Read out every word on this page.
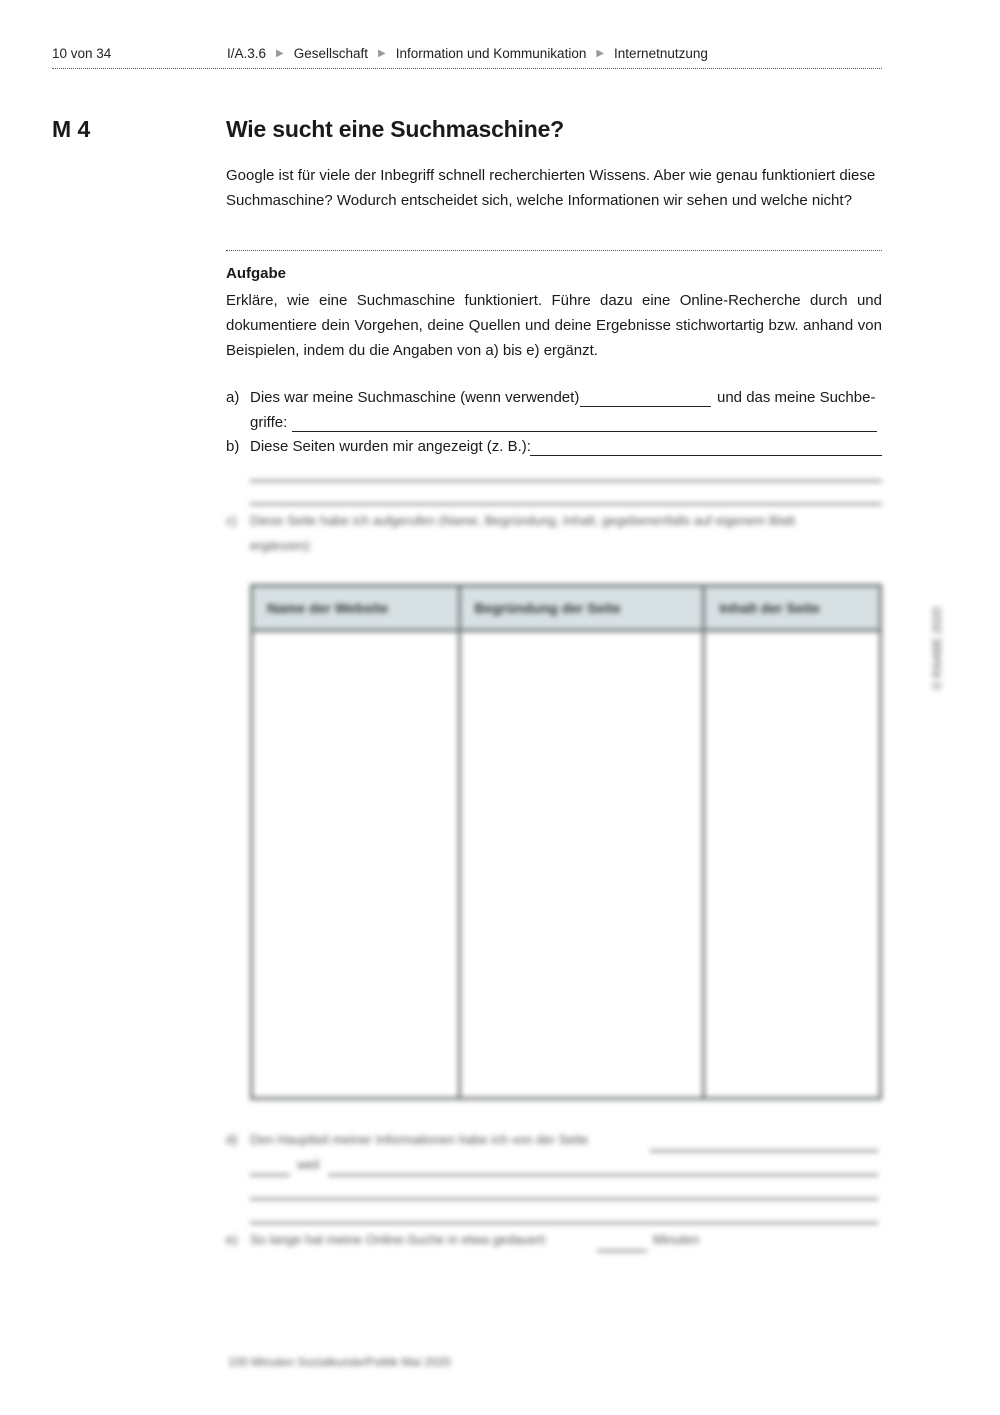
10 von 34	I/A.3.6 ▶ Gesellschaft ▶ Information und Kommunikation ▶ Internetnutzung
M 4	Wie sucht eine Suchmaschine?
Google ist für viele der Inbegriff schnell recherchierten Wissens. Aber wie genau funktioniert diese
Suchmaschine? Wodurch entscheidet sich, welche Informationen wir sehen und welche nicht?
Aufgabe
Erkläre, wie eine Suchmaschine funktioniert. Führe dazu eine Online-Recherche durch und dokumentiere dein Vorgehen, deine Quellen und deine Ergebnisse stichwortartig bzw. anhand von Beispielen, indem du die Angaben von a) bis e) ergänzt.
a) Dies war meine Suchmaschine (wenn verwendet)	und das meine Suchbe-
griffe:
b) Diese Seiten wurden mir angezeigt (z. B.):
c) Diese Seite habe ich aufgerufen (Name, Begründung, Inhalt, gegebenenfalls auf eigenem Blatt
ergänzen):
Name der Website	Begründung der Seite	Inhalt der Seite

d) Den Hauptteil meiner Informationen habe ich von der Seite
weil
e) So lange hat meine Online-Suche in etwa gedauert:	Minuten
© RAABE 2020
100 Minuten Sozialkunde/Politik Mai 2020
